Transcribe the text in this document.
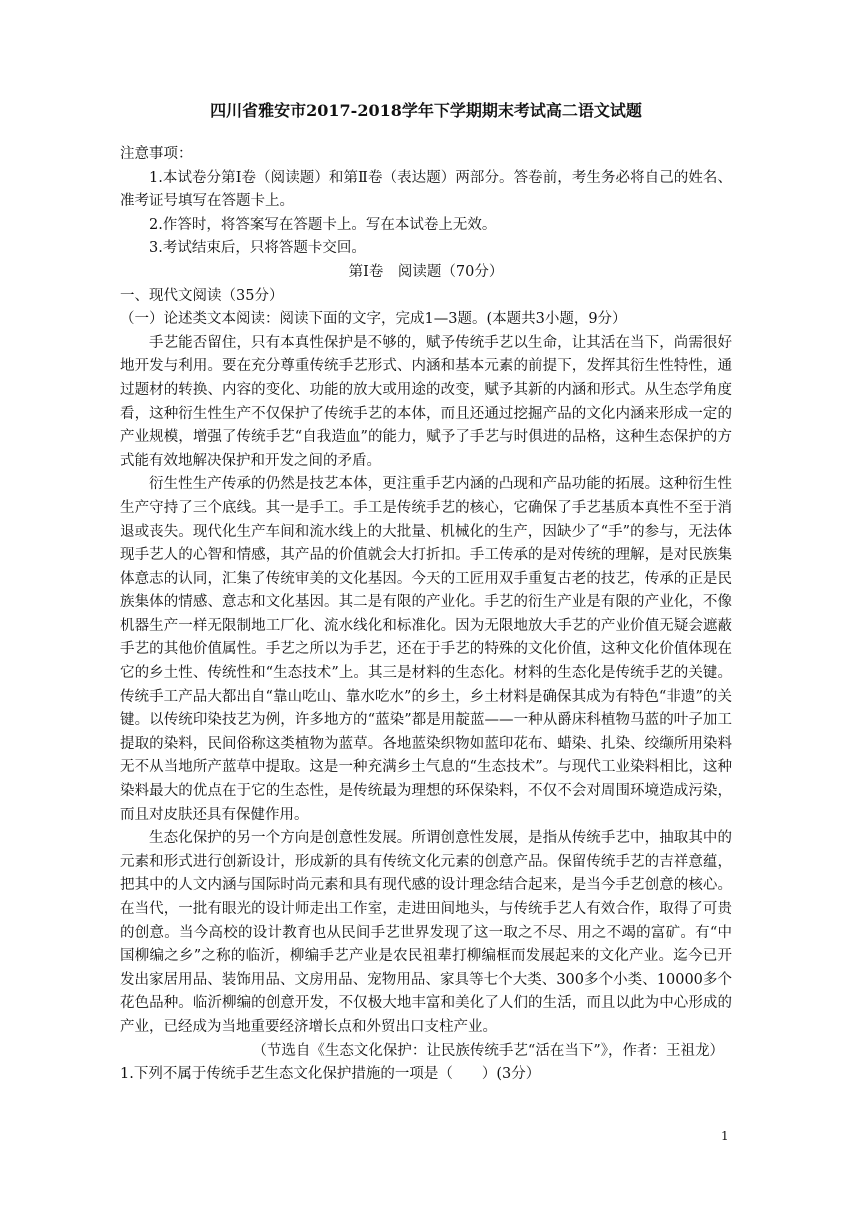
四川省雅安市2017-2018学年下学期期末考试高二语文试题

注意事项：

1.本试卷分第Ⅰ卷（阅读题）和第Ⅱ卷（表达题）两部分。答卷前，考生务必将自己的姓名、准考证号填写在答题卡上。

2.作答时，将答案写在答题卡上。写在本试卷上无效。

3.考试结束后，只将答题卡交回。

第Ⅰ卷　阅读题（70分）

一、现代文阅读（35分）

（一）论述类文本阅读：阅读下面的文字，完成1—3题。(本题共3小题，9分）

手艺能否留住，只有本真性保护是不够的，赋予传统手艺以生命，让其活在当下，尚需很好地开发与利用。要在充分尊重传统手艺形式、内涵和基本元素的前提下，发挥其衍生性特性，通过题材的转换、内容的变化、功能的放大或用途的改变，赋予其新的内涵和形式。从生态学角度看，这种衍生性生产不仅保护了传统手艺的本体，而且还通过挖掘产品的文化内涵来形成一定的产业规模，增强了传统手艺“自我造血”的能力，赋予了手艺与时俱进的品格，这种生态保护的方式能有效地解决保护和开发之间的矛盾。

衍生性生产传承的仍然是技艺本体，更注重手艺内涵的凸现和产品功能的拓展。这种衍生性生产守持了三个底线。其一是手工。手工是传统手艺的核心，它确保了手艺基质本真性不至于消退或丧失。现代化生产车间和流水线上的大批量、机械化的生产，因缺少了“手”的参与，无法体现手艺人的心智和情感，其产品的价值就会大打折扣。手工传承的是对传统的理解，是对民族集体意志的认同，汇集了传统审美的文化基因。今天的工匠用双手重复古老的技艺，传承的正是民族集体的情感、意志和文化基因。其二是有限的产业化。手艺的衍生产业是有限的产业化，不像机器生产一样无限制地工厂化、流水线化和标准化。因为无限地放大手艺的产业价值无疑会遮蔽手艺的其他价值属性。手艺之所以为手艺，还在于手艺的特殊的文化价值，这种文化价值体现在它的乡土性、传统性和“生态技术”上。其三是材料的生态化。材料的生态化是传统手艺的关键。传统手工产品大都出自“靠山吃山、靠水吃水”的乡土，乡土材料是确保其成为有特色“非遗”的关键。以传统印染技艺为例，许多地方的“蓝染”都是用靛蓝——一种从爵床科植物马蓝的叶子加工提取的染料，民间俗称这类植物为蓝草。各地蓝染织物如蓝印花布、蜡染、扎染、绞缬所用染料无不从当地所产蓝草中提取。这是一种充满乡土气息的“生态技术”。与现代工业染料相比，这种染料最大的优点在于它的生态性，是传统最为理想的环保染料，不仅不会对周围环境造成污染，而且对皮肤还具有保健作用。

生态化保护的另一个方向是创意性发展。所谓创意性发展，是指从传统手艺中，抽取其中的元素和形式进行创新设计，形成新的具有传统文化元素的创意产品。保留传统手艺的吉祥意蕴，把其中的人文内涵与国际时尚元素和具有现代感的设计理念结合起来，是当今手艺创意的核心。在当代，一批有眼光的设计师走出工作室，走进田间地头，与传统手艺人有效合作，取得了可贵的创意。当今高校的设计教育也从民间手艺世界发现了这一取之不尽、用之不竭的富矿。有“中国柳编之乡”之称的临沂，柳编手艺产业是农民祖辈打柳编框而发展起来的文化产业。迄今已开发出家居用品、装饰用品、文房用品、宠物用品、家具等七个大类、300多个小类、10000多个花色品种。临沂柳编的创意开发，不仅极大地丰富和美化了人们的生活，而且以此为中心形成的产业，已经成为当地重要经济增长点和外贸出口支柱产业。

（节选自《生态文化保护：让民族传统手艺“活在当下”》，作者：王祖龙）

1.下列不属于传统手艺生态文化保护措施的一项是（　　）(3分）

1
